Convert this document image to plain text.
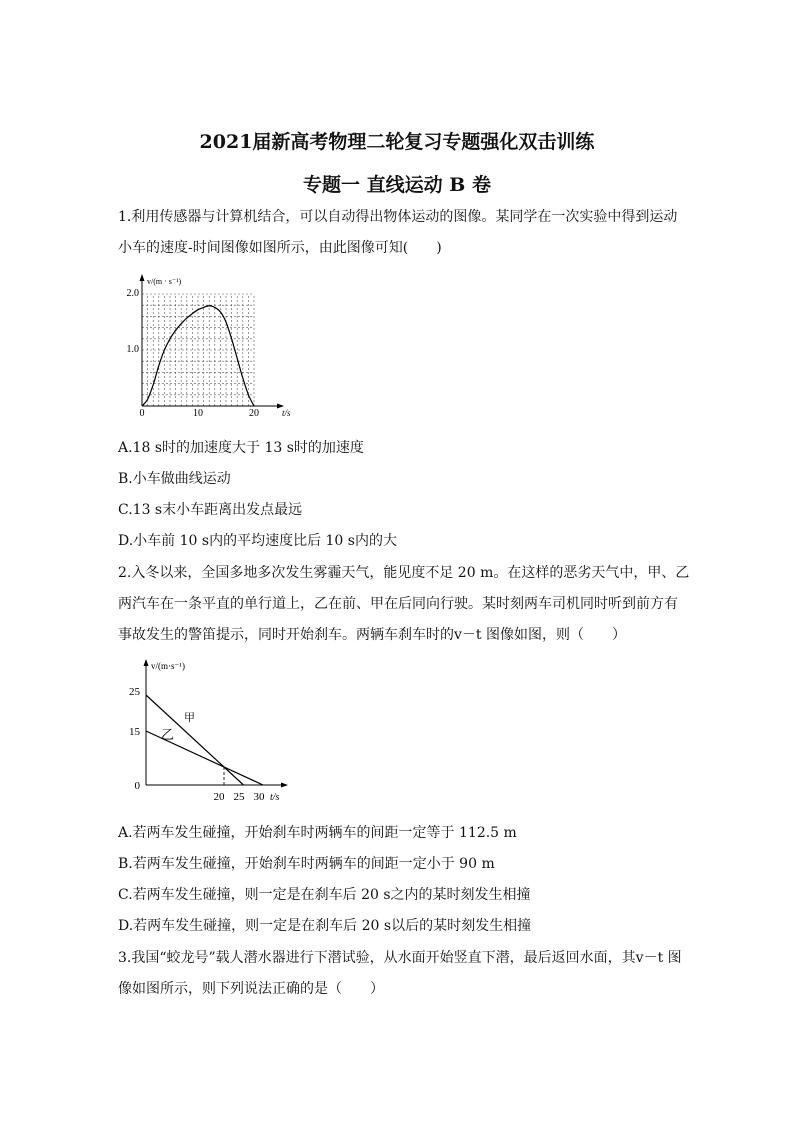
2021届新高考物理二轮复习专题强化双击训练
专题一 直线运动 B 卷
1.利用传感器与计算机结合，可以自动得出物体运动的图像。某同学在一次实验中得到运动
小车的速度-时间图像如图所示，由此图像可知(　　)
v/(m · s⁻¹)
t/s
1.0
2.0
0	10	20
A.18 s时的加速度大于 13 s时的加速度
B.小车做曲线运动
C.13 s末小车距离出发点最远
D.小车前 10 s内的平均速度比后 10 s内的大
2.入冬以来，全国多地多次发生雾霾天气，能见度不足 20 m。在这样的恶劣天气中，甲、乙
两汽车在一条平直的单行道上，乙在前、甲在后同向行驶。某时刻两车司机同时听到前方有
事故发生的警笛提示，同时开始刹车。两辆车刹车时的v－t 图像如图，则（　　）
甲
乙
v/(m·s⁻¹)
t/s
0
15
25
20 25 30
A.若两车发生碰撞，开始刹车时两辆车的间距一定等于 112.5 m
B.若两车发生碰撞，开始刹车时两辆车的间距一定小于 90 m
C.若两车发生碰撞，则一定是在刹车后 20 s之内的某时刻发生相撞
D.若两车发生碰撞，则一定是在刹车后 20 s以后的某时刻发生相撞
3.我国“蛟龙号”载人潜水器进行下潜试验，从水面开始竖直下潜，最后返回水面，其v－t 图
像如图所示，则下列说法正确的是（　　）
